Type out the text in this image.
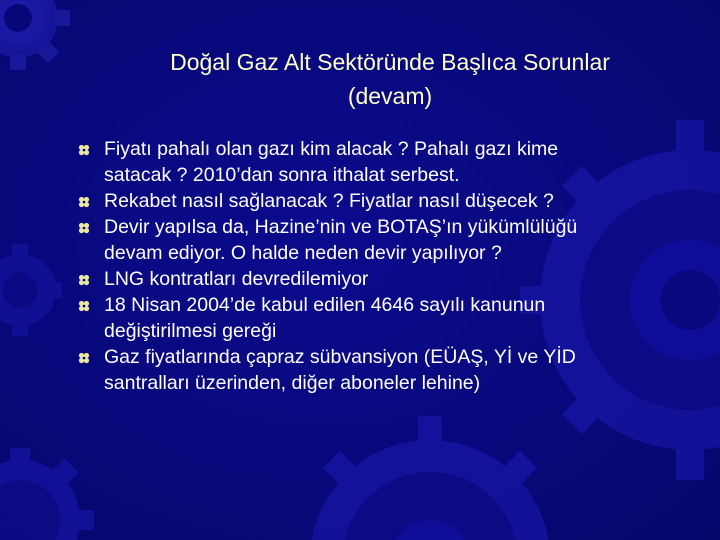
Doğal Gaz Alt Sektöründe Başlıca Sorunlar
(devam)
Fiyatı pahalı olan gazı kim alacak ? Pahalı gazı kime
satacak ? 2010’dan sonra ithalat serbest.
Rekabet nasıl sağlanacak ? Fiyatlar nasıl düşecek ?
Devir yapılsa da, Hazine’nin ve BOTAŞ’ın yükümlülüğü
devam ediyor. O halde neden devir yapılıyor ?
LNG kontratları devredilemiyor
18 Nisan 2004’de kabul edilen 4646 sayılı kanunun
değiştirilmesi gereği
Gaz fiyatlarında çapraz sübvansiyon (EÜAŞ, Yİ ve YİD
santralları üzerinden, diğer aboneler lehine)
